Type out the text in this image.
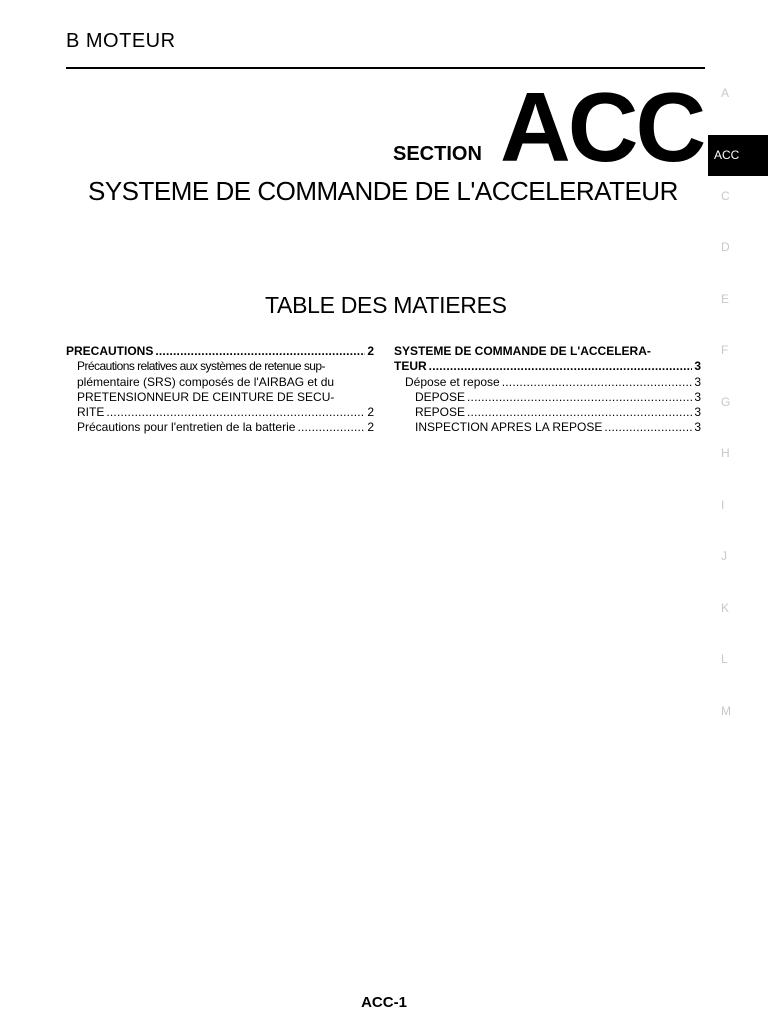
B MOTEUR
SECTION ACC
SYSTEME DE COMMANDE DE L'ACCELERATEUR
TABLE DES MATIERES
PRECAUTIONS .....	2
Précautions relatives aux systèmes de retenue sup-
plémentaire (SRS) composés de l'AIRBAG et du
PRETENSIONNEUR DE CEINTURE DE SECU-
RITE .....	2
Précautions pour l'entretien de la batterie .....	2
SYSTEME DE COMMANDE DE L'ACCELERA-
TEUR .....	3
Dépose et repose .....	3
DEPOSE .....	3
REPOSE .....	3
INSPECTION APRES LA REPOSE .....	3
A
ACC
C
D
E
F
G
H
I
J
K
L
M
ACC-1
